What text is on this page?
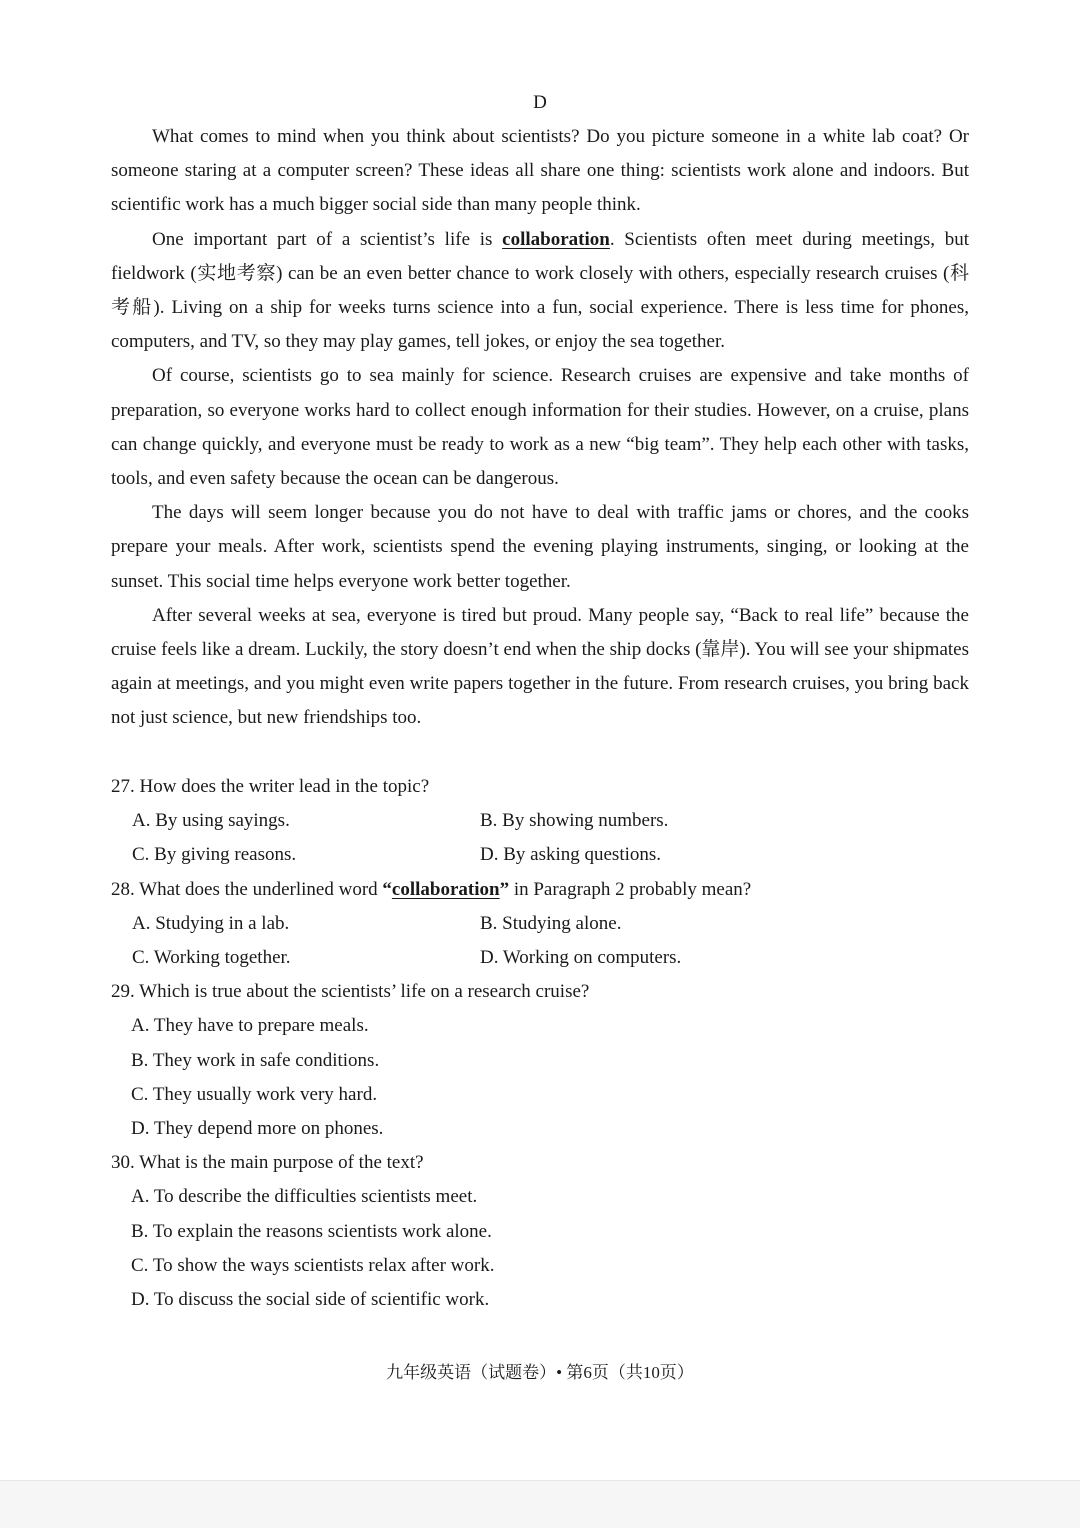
D

What comes to mind when you think about scientists? Do you picture someone in a white lab coat? Or someone staring at a computer screen? These ideas all share one thing: scientists work alone and indoors. But scientific work has a much bigger social side than many people think.

One important part of a scientist’s life is collaboration. Scientists often meet during meetings, but fieldwork (实地考察) can be an even better chance to work closely with others, especially research cruises (科考船). Living on a ship for weeks turns science into a fun, social experience. There is less time for phones, computers, and TV, so they may play games, tell jokes, or enjoy the sea together.

Of course, scientists go to sea mainly for science. Research cruises are expensive and take months of preparation, so everyone works hard to collect enough information for their studies. However, on a cruise, plans can change quickly, and everyone must be ready to work as a new “big team”. They help each other with tasks, tools, and even safety because the ocean can be dangerous.

The days will seem longer because you do not have to deal with traffic jams or chores, and the cooks prepare your meals. After work, scientists spend the evening playing instruments, singing, or looking at the sunset. This social time helps everyone work better together.

After several weeks at sea, everyone is tired but proud. Many people say, “Back to real life” because the cruise feels like a dream. Luckily, the story doesn’t end when the ship docks (靠岸). You will see your shipmates again at meetings, and you might even write papers together in the future. From research cruises, you bring back not just science, but new friendships too.

27. How does the writer lead in the topic?

A. By using sayings.	B. By showing numbers.

C. By giving reasons.	D. By asking questions.

28. What does the underlined word “collaboration” in Paragraph 2 probably mean?

A. Studying in a lab.	B. Studying alone.

C. Working together.	D. Working on computers.

29. Which is true about the scientists’ life on a research cruise?

A. They have to prepare meals.

B. They work in safe conditions.

C. They usually work very hard.

D. They depend more on phones.

30. What is the main purpose of the text?

A. To describe the difficulties scientists meet.

B. To explain the reasons scientists work alone.

C. To show the ways scientists relax after work.

D. To discuss the social side of scientific work.

九年级英语（试题卷）• 第6页（共10页）
